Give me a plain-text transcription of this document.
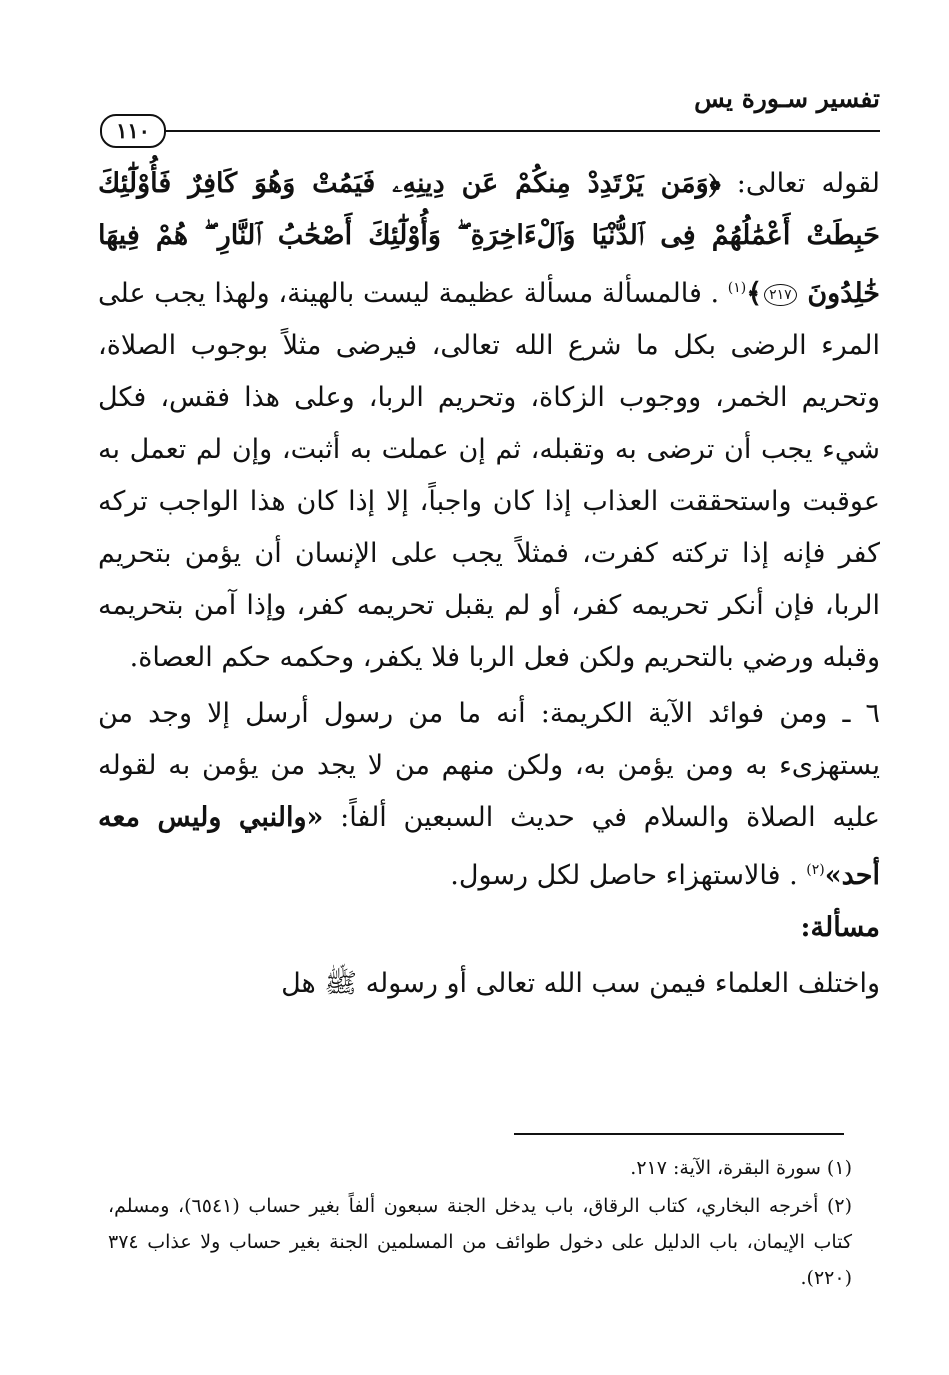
تفسير سـورة يس
١١٠

لقوله تعالى: ﴿وَمَن يَرْتَدِدْ مِنكُمْ عَن دِينِهِۦ فَيَمُتْ وَهُوَ كَافِرٌ فَأُوْلَٰٓئِكَ حَبِطَتْ أَعْمَٰلُهُمْ فِى ٱلدُّنْيَا وَٱلْءَاخِرَةِ ۖ وَأُوْلَٰٓئِكَ أَصْحَٰبُ ٱلنَّارِ ۖ هُمْ فِيهَا خَٰلِدُونَ ٢١٧﴾$^{(١)}$ . فالمسألة مسألة عظيمة ليست بالهينة، ولهذا يجب على المرء الرضى بكل ما شرع الله تعالى، فيرضى مثلاً بوجوب الصلاة، وتحريم الخمر، ووجوب الزكاة، وتحريم الربا، وعلى هذا فقس، فكل شيء يجب أن ترضى به وتقبله، ثم إن عملت به أثبت، وإن لم تعمل به عوقبت واستحققت العذاب إذا كان واجباً، إلا إذا كان هذا الواجب تركه كفر فإنه إذا تركته كفرت، فمثلاً يجب على الإنسان أن يؤمن بتحريم الربا، فإن أنكر تحريمه كفر، أو لم يقبل تحريمه كفر، وإذا آمن بتحريمه وقبله ورضي بالتحريم ولكن فعل الربا فلا يكفر، وحكمه حكم العصاة.

٦ ـ ومن فوائد الآية الكريمة: أنه ما من رسول أرسل إلا وجد من يستهزىء به ومن يؤمن به، ولكن منهم من لا يجد من يؤمن به لقوله عليه الصلاة والسلام في حديث السبعين ألفاً: «والنبي وليس معه أحد»$^{(٢)}$ . فالاستهزاء حاصل لكل رسول.

مسألة:

واختلف العلماء فيمن سب الله تعالى أو رسوله ﷺ هل

(١) سورة البقرة، الآية: ٢١٧.

(٢) أخرجه البخاري، كتاب الرقاق، باب يدخل الجنة سبعون ألفاً بغير حساب (٦٥٤١)، ومسلم، كتاب الإيمان، باب الدليل على دخول طوائف من المسلمين الجنة بغير حساب ولا عذاب ٣٧٤ (٢٢٠).
